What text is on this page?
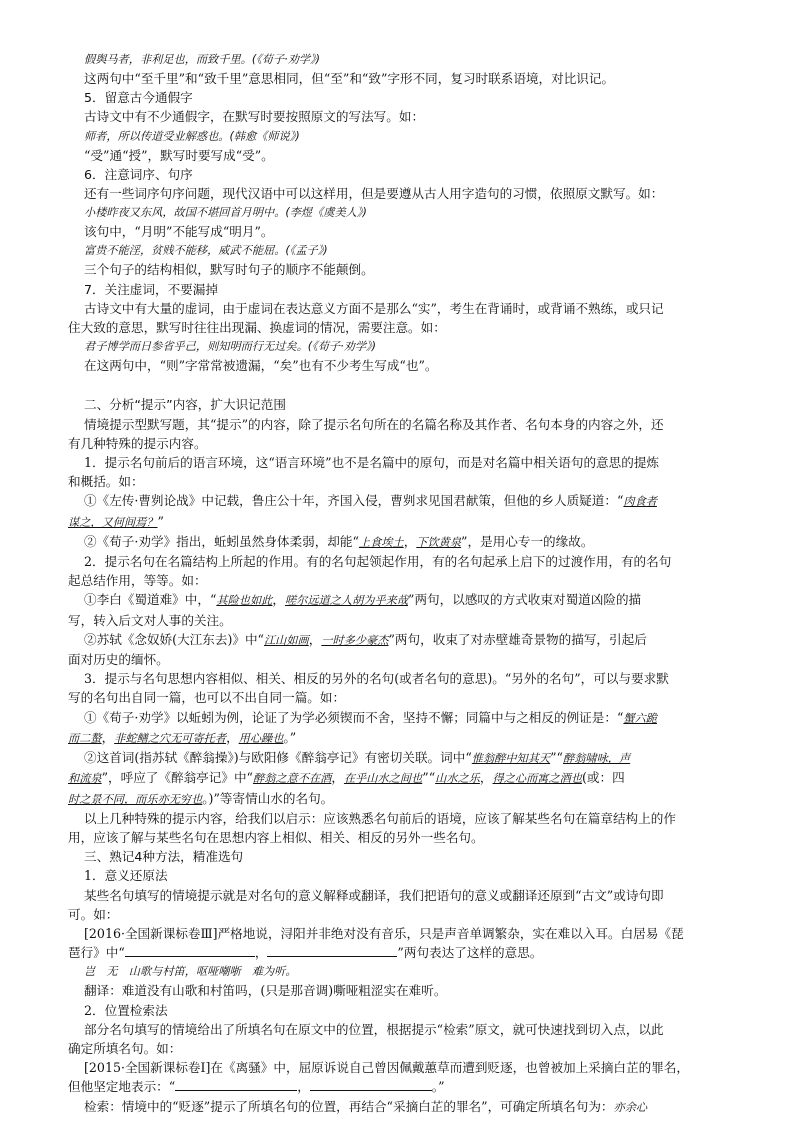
假舆马者，非利足也，而致千里。(《荀子·劝学》)
这两句中“至千里”和“致千里”意思相同，但“至”和“致”字形不同，复习时联系语境，对比识记。
5．留意古今通假字
古诗文中有不少通假字，在默写时要按照原文的写法写。如：
师者，所以传道受业解惑也。(韩愈《师说》)
“受”通“授”，默写时要写成“受”。
6．注意词序、句序
还有一些词序句序问题，现代汉语中可以这样用，但是要遵从古人用字造句的习惯，依照原文默写。如：
小楼昨夜又东风，故国不堪回首月明中。(李煜《虞美人》)
该句中，“月明”不能写成“明月”。
富贵不能淫，贫贱不能移，威武不能屈。(《孟子》)
三个句子的结构相似，默写时句子的顺序不能颠倒。
7．关注虚词，不要漏掉
古诗文中有大量的虚词，由于虚词在表达意义方面不是那么“实”，考生在背诵时，或背诵不熟练，或只记
住大致的意思，默写时往往出现漏、换虚词的情况，需要注意。如：
君子博学而日参省乎己，则知明而行无过矣。(《荀子·劝学》)
在这两句中，“则”字常常被遗漏，“矣”也有不少考生写成“也”。
二、分析“提示”内容，扩大识记范围
情境提示型默写题，其“提示”的内容，除了提示名句所在的名篇名称及其作者、名句本身的内容之外，还
有几种特殊的提示内容。
1．提示名句前后的语言环境，这“语言环境”也不是名篇中的原句，而是对名篇中相关语句的意思的提炼
和概括。如：
①《左传·曹刿论战》中记载，鲁庄公十年，齐国入侵，曹刿求见国君献策，但他的乡人质疑道：“肉食者
谋之，又何间焉？”
②《荀子·劝学》指出，蚯蚓虽然身体柔弱，却能“上食埃土，下饮黄泉”，是用心专一的缘故。
2．提示名句在名篇结构上所起的作用。有的名句起领起作用，有的名句起承上启下的过渡作用，有的名句
起总结作用，等等。如：
①李白《蜀道难》中，“其险也如此，嗟尔远道之人胡为乎来哉”两句，以感叹的方式收束对蜀道凶险的描
写，转入后文对人事的关注。
②苏轼《念奴娇(大江东去)》中“江山如画，一时多少豪杰”两句，收束了对赤壁雄奇景物的描写，引起后
面对历史的缅怀。
3．提示与名句思想内容相似、相关、相反的另外的名句(或者名句的意思)。“另外的名句”，可以与要求默
写的名句出自同一篇，也可以不出自同一篇。如：
①《荀子·劝学》以蚯蚓为例，论证了为学必须锲而不舍，坚持不懈；同篇中与之相反的例证是：“蟹六跪
而二螯，非蛇鳝之穴无可寄托者，用心躁也。”
②这首词(指苏轼《醉翁操》)与欧阳修《醉翁亭记》有密切关联。词中“惟翁醉中知其天”“醉翁啸咏，声
和流泉”，呼应了《醉翁亭记》中“醉翁之意不在酒，在乎山水之间也”“山水之乐，得之心而寓之酒也(或：四
时之景不同，而乐亦无穷也。)”等寄情山水的名句。
以上几种特殊的提示内容，给我们以启示：应该熟悉名句前后的语境，应该了解某些名句在篇章结构上的作
用，应该了解与某些名句在思想内容上相似、相关、相反的另外一些名句。
三、熟记4种方法，精准选句
1．意义还原法
某些名句填写的情境提示就是对名句的意义解释或翻译，我们把语句的意义或翻译还原到“古文”或诗句即
可。如：
[2016·全国新课标卷Ⅲ]严格地说，浔阳并非绝对没有音乐，只是声音单调繁杂，实在难以入耳。白居易《琵
琶行》中“	，	”两句表达了这样的意思。
岂　无　山歌与村笛，呕哑嘲哳　难为听。
翻译：难道没有山歌和村笛吗，(只是那音调)嘶哑粗涩实在难听。
2．位置检索法
部分名句填写的情境给出了所填名句在原文中的位置，根据提示“检索”原文，就可快速找到切入点，以此
确定所填名句。如：
[2015·全国新课标卷Ⅰ]在《离骚》中，屈原诉说自己曾因佩戴蕙草而遭到贬逐，也曾被加上采摘白芷的罪名，
但他坚定地表示：“	，	。”
检索：情境中的“贬逐”提示了所填名句的位置，再结合“采摘白芷的罪名”，可确定所填名句为：亦余心
